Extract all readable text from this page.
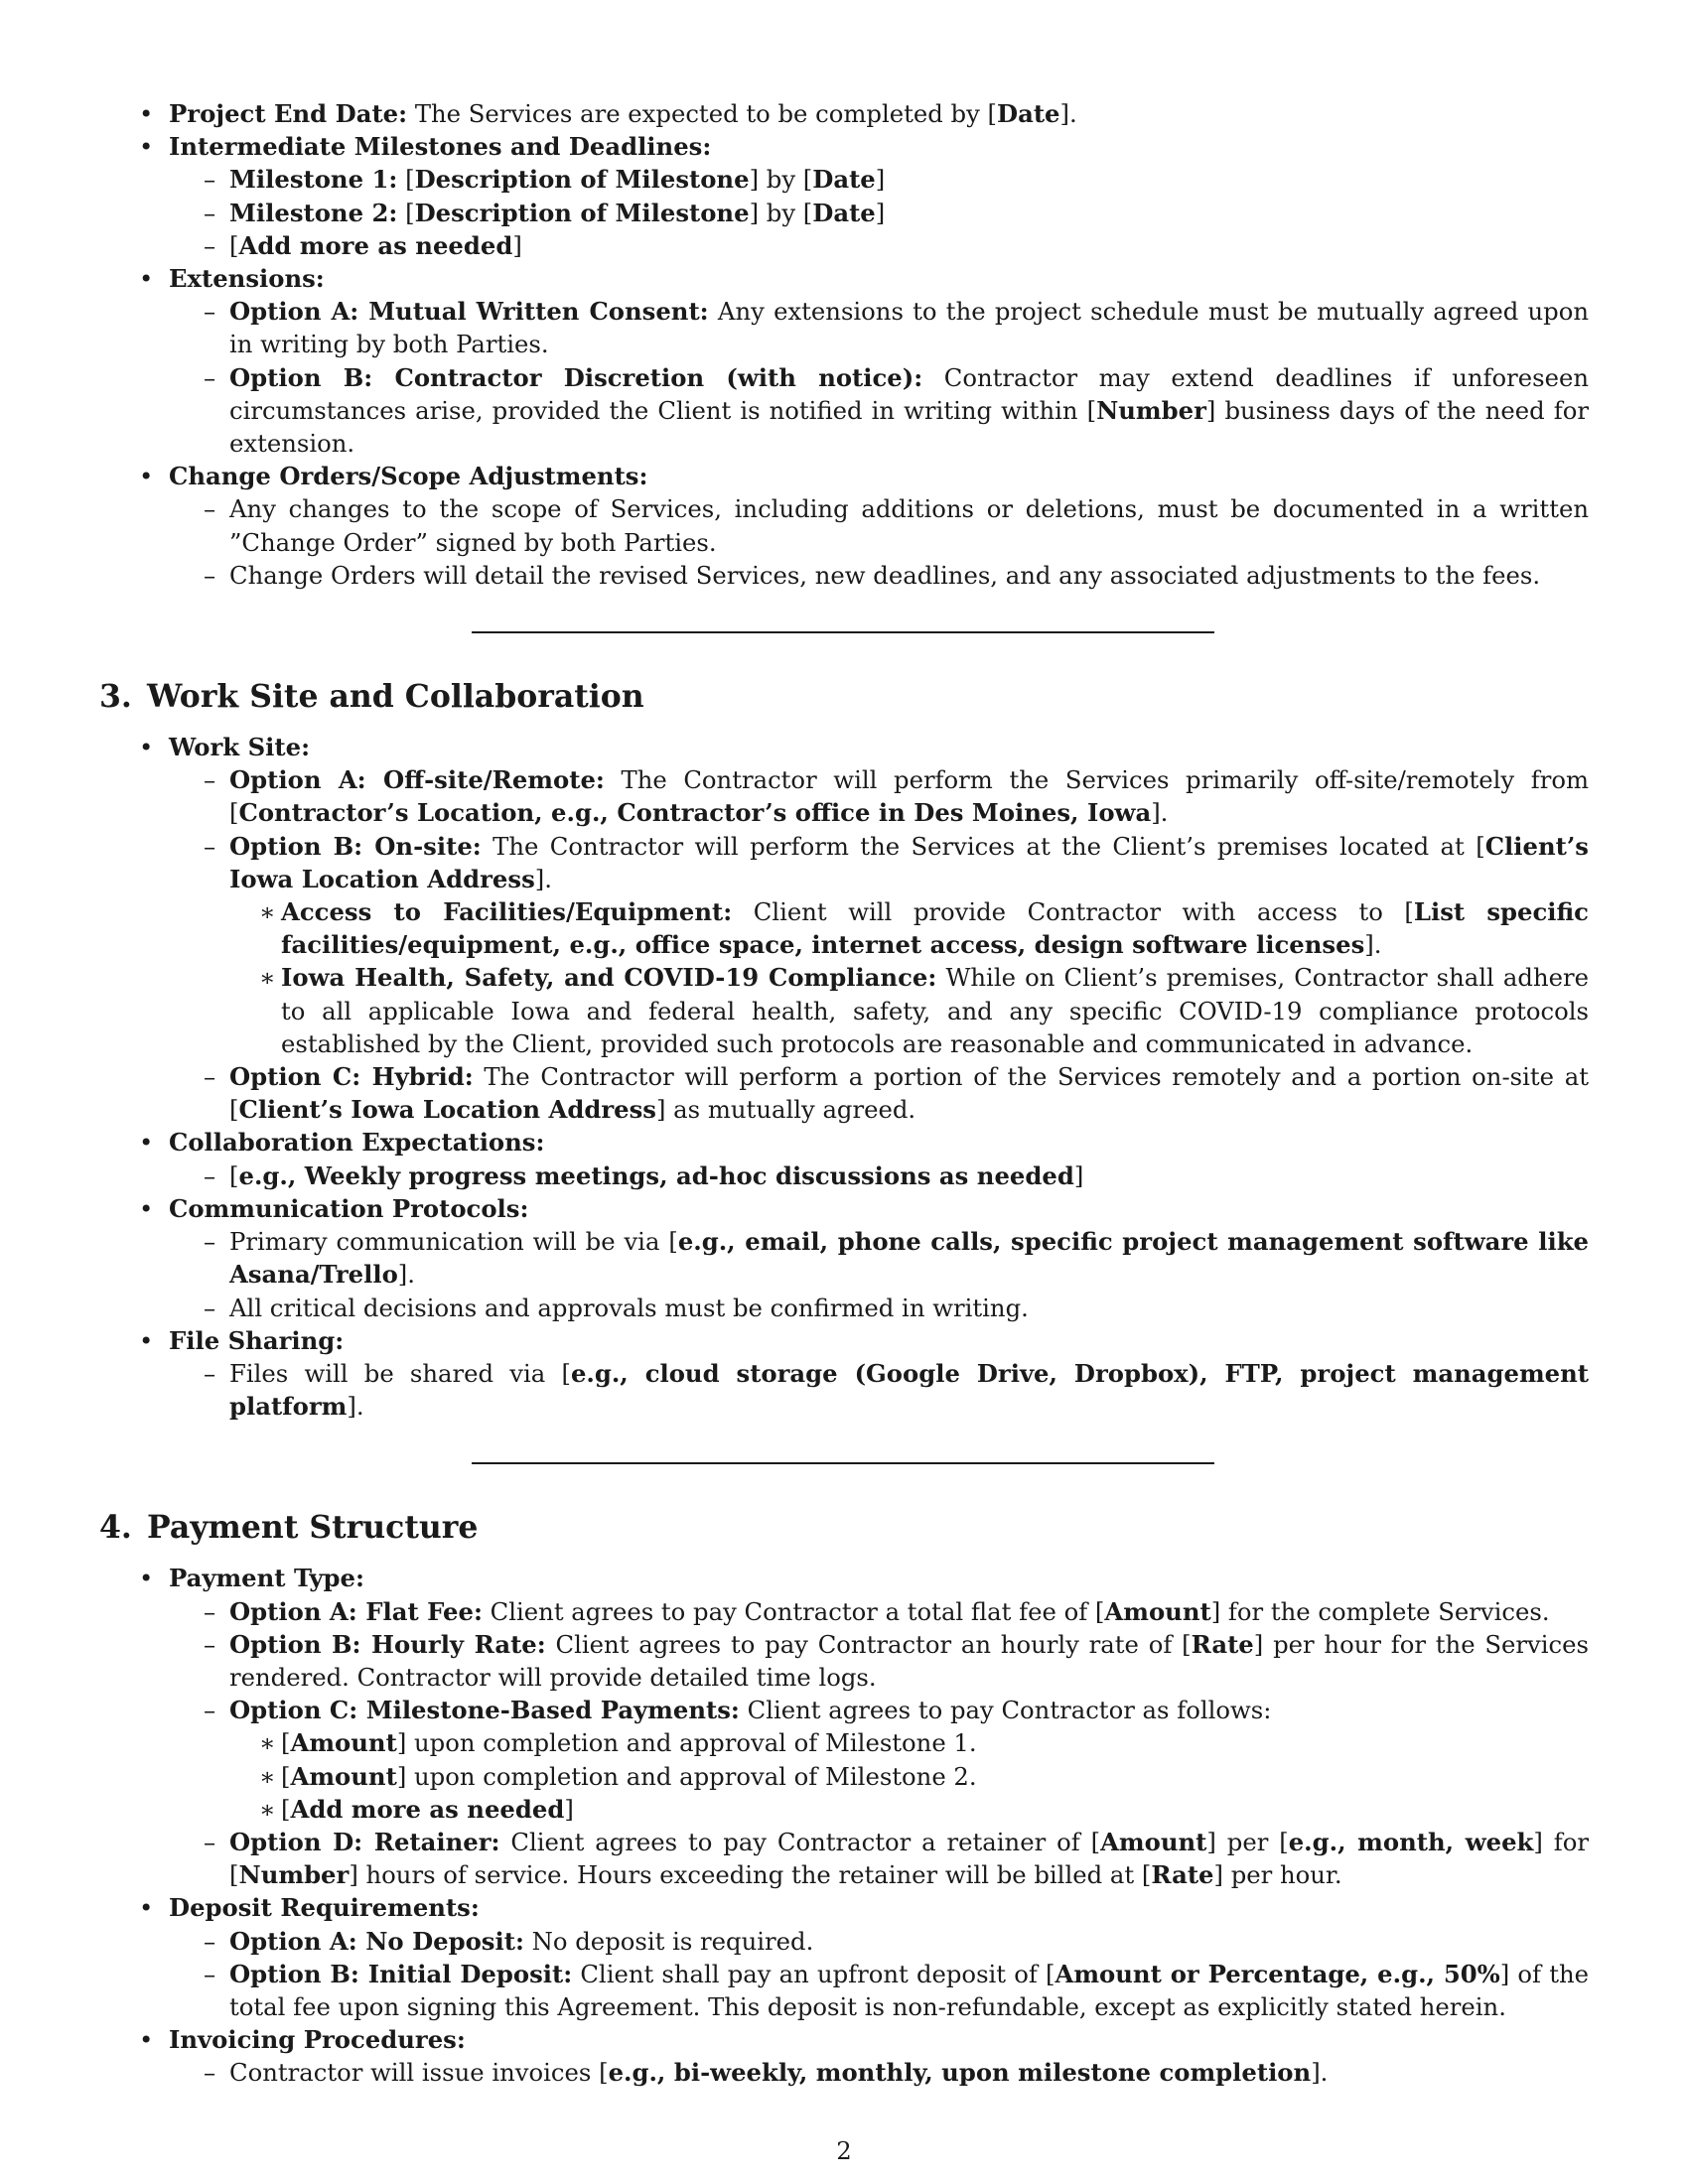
• Project End Date: The Services are expected to be completed by [Date].
• Intermediate Milestones and Deadlines:
– Milestone 1: [Description of Milestone] by [Date]
– Milestone 2: [Description of Milestone] by [Date]
– [Add more as needed]
• Extensions:
– Option A: Mutual Written Consent: Any extensions to the project schedule must be mutually agreed upon in writing by both Parties.
– Option B: Contractor Discretion (with notice): Contractor may extend deadlines if unforeseen circumstances arise, provided the Client is notified in writing within [Number] business days of the need for extension.
• Change Orders/Scope Adjustments:
– Any changes to the scope of Services, including additions or deletions, must be documented in a written ”Change Order” signed by both Parties.
– Change Orders will detail the revised Services, new deadlines, and any associated adjustments to the fees.
3. Work Site and Collaboration
• Work Site:
– Option A: Off-site/Remote: The Contractor will perform the Services primarily off-site/remotely from [Contractor’s Location, e.g., Contractor’s office in Des Moines, Iowa].
– Option B: On-site: The Contractor will perform the Services at the Client’s premises located at [Client’s Iowa Location Address].
∗ Access to Facilities/Equipment: Client will provide Contractor with access to [List specific facilities/equipment, e.g., office space, internet access, design software licenses].
∗ Iowa Health, Safety, and COVID-19 Compliance: While on Client’s premises, Contractor shall adhere to all applicable Iowa and federal health, safety, and any specific COVID-19 compliance protocols established by the Client, provided such protocols are reasonable and communicated in advance.
– Option C: Hybrid: The Contractor will perform a portion of the Services remotely and a portion on-site at [Client’s Iowa Location Address] as mutually agreed.
• Collaboration Expectations:
– [e.g., Weekly progress meetings, ad-hoc discussions as needed]
• Communication Protocols:
– Primary communication will be via [e.g., email, phone calls, specific project management software like Asana/Trello].
– All critical decisions and approvals must be confirmed in writing.
• File Sharing:
– Files will be shared via [e.g., cloud storage (Google Drive, Dropbox), FTP, project management platform].
4. Payment Structure
• Payment Type:
– Option A: Flat Fee: Client agrees to pay Contractor a total flat fee of [Amount] for the complete Services.
– Option B: Hourly Rate: Client agrees to pay Contractor an hourly rate of [Rate] per hour for the Services rendered. Contractor will provide detailed time logs.
– Option C: Milestone-Based Payments: Client agrees to pay Contractor as follows:
∗ [Amount] upon completion and approval of Milestone 1.
∗ [Amount] upon completion and approval of Milestone 2.
∗ [Add more as needed]
– Option D: Retainer: Client agrees to pay Contractor a retainer of [Amount] per [e.g., month, week] for [Number] hours of service. Hours exceeding the retainer will be billed at [Rate] per hour.
• Deposit Requirements:
– Option A: No Deposit: No deposit is required.
– Option B: Initial Deposit: Client shall pay an upfront deposit of [Amount or Percentage, e.g., 50%] of the total fee upon signing this Agreement. This deposit is non-refundable, except as explicitly stated herein.
• Invoicing Procedures:
– Contractor will issue invoices [e.g., bi-weekly, monthly, upon milestone completion].
2
